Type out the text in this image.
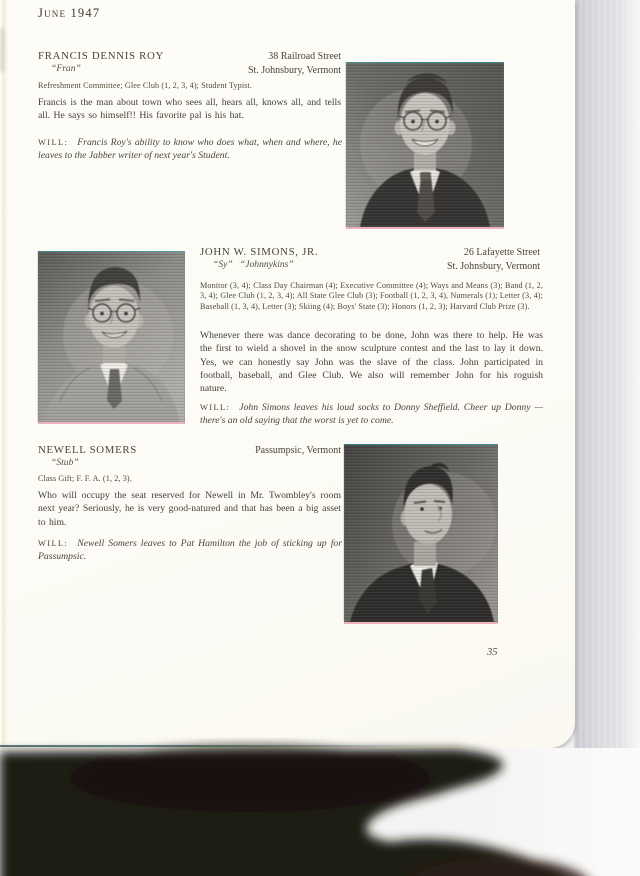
June 1947
FRANCIS DENNIS ROY
“Fran”
38 Railroad Street
St. Johnsbury, Vermont
Refreshment Committee; Glee Club (1, 2, 3, 4); Student Typist.
Francis is the man about town who sees all, hears all, knows all, and tells all. He says so himself!! His favorite pal is his hat.
WILL: Francis Roy's ability to know who does what, when and where, he leaves to the Jabber writer of next year's Student.
JOHN W. SIMONS, JR.
“Sy”   “Johnnykins”
26 Lafayette Street
St. Johnsbury, Vermont
Monitor (3, 4); Class Day Chairman (4); Executive Committee (4); Ways and Means (3); Band (1, 2, 3, 4); Glee Club (1, 2, 3, 4); All State Glee Club (3); Football (1, 2, 3, 4), Numerals (1); Letter (3, 4); Baseball (1, 3, 4), Letter (3); Skiing (4); Boys' State (3); Honors (1, 2, 3); Harvard Club Prize (3).
Whenever there was dance decorating to be done, John was there to help. He was the first to wield a shovel in the snow sculpture contest and the last to lay it down. Yes, we can honestly say John was the slave of the class. John participated in football, baseball, and Glee Club. We also will remember John for his roguish nature.
WILL: John Simons leaves his loud socks to Donny Sheffield. Cheer up Donny — there's an old saying that the worst is yet to come.
NEWELL SOMERS
“Stub”
Passumpsic, Vermont
Class Gift; F. F. A. (1, 2, 3).
Who will occupy the seat reserved for Newell in Mr. Twombley's room next year? Seriously, he is very good-natured and that has been a big asset to him.
WILL: Newell Somers leaves to Pat Hamilton the job of sticking up for Passumpsic.
35
